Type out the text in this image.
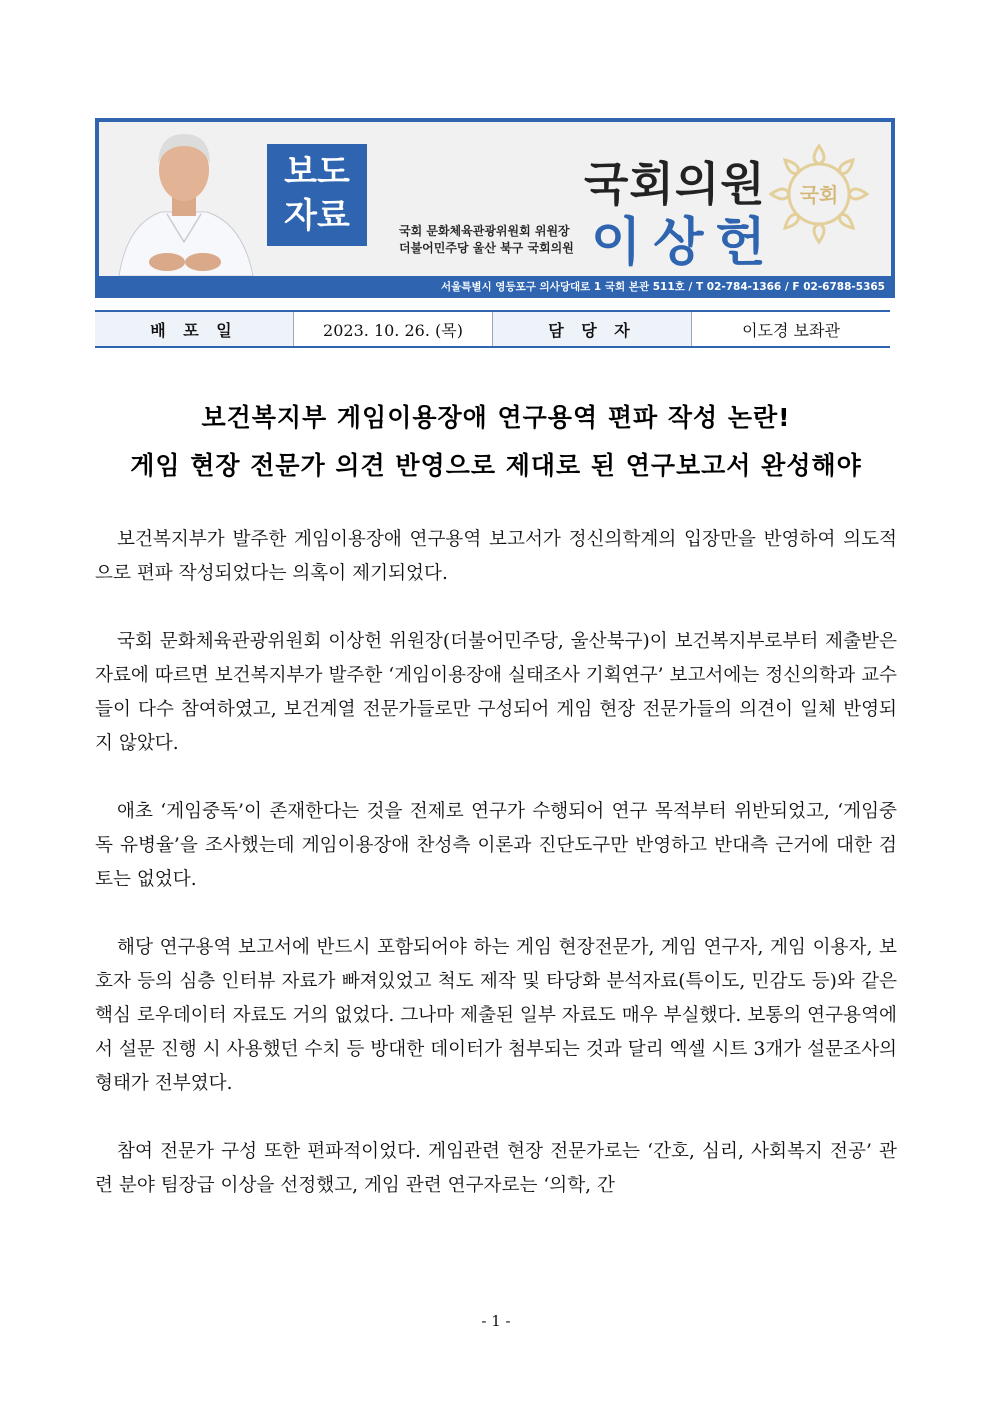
보도
자료	국회 문화체육관광위원회 위원장
더불어민주당 울산 북구 국회의원
국회의원
이상헌
국회
서울특별시 영등포구 의사당대로 1 국회 본관 511호 / T 02-784-1366 / F 02-6788-5365
배 포 일	2023. 10. 26. (목)	담 당 자	이도경 보좌관
보건복지부 게임이용장애 연구용역 편파 작성 논란!
게임 현장 전문가 의견 반영으로 제대로 된 연구보고서 완성해야

보건복지부가 발주한 게임이용장애 연구용역 보고서가 정신의학계의 입장만을 반영하여 의도적으로 편파 작성되었다는 의혹이 제기되었다.

국회 문화체육관광위원회 이상헌 위원장(더불어민주당, 울산북구)이 보건복지부로부터 제출받은 자료에 따르면 보건복지부가 발주한 ‘게임이용장애 실태조사 기획연구’ 보고서에는 정신의학과 교수들이 다수 참여하였고, 보건계열 전문가들로만 구성되어 게임 현장 전문가들의 의견이 일체 반영되지 않았다.

애초 ‘게임중독’이 존재한다는 것을 전제로 연구가 수행되어 연구 목적부터 위반되었고, ‘게임중독 유병율’을 조사했는데 게임이용장애 찬성측 이론과 진단도구만 반영하고 반대측 근거에 대한 검토는 없었다.

해당 연구용역 보고서에 반드시 포함되어야 하는 게임 현장전문가, 게임 연구자, 게임 이용자, 보호자 등의 심층 인터뷰 자료가 빠져있었고 척도 제작 및 타당화 분석자료(특이도, 민감도 등)와 같은 핵심 로우데이터 자료도 거의 없었다. 그나마 제출된 일부 자료도 매우 부실했다. 보통의 연구용역에서 설문 진행 시 사용했던 수치 등 방대한 데이터가 첨부되는 것과 달리 엑셀 시트 3개가 설문조사의 형태가 전부였다.

참여 전문가 구성 또한 편파적이었다. 게임관련 현장 전문가로는 ‘간호, 심리, 사회복지 전공’ 관련 분야 팀장급 이상을 선정했고, 게임 관련 연구자로는 ‘의학, 간

- 1 -
